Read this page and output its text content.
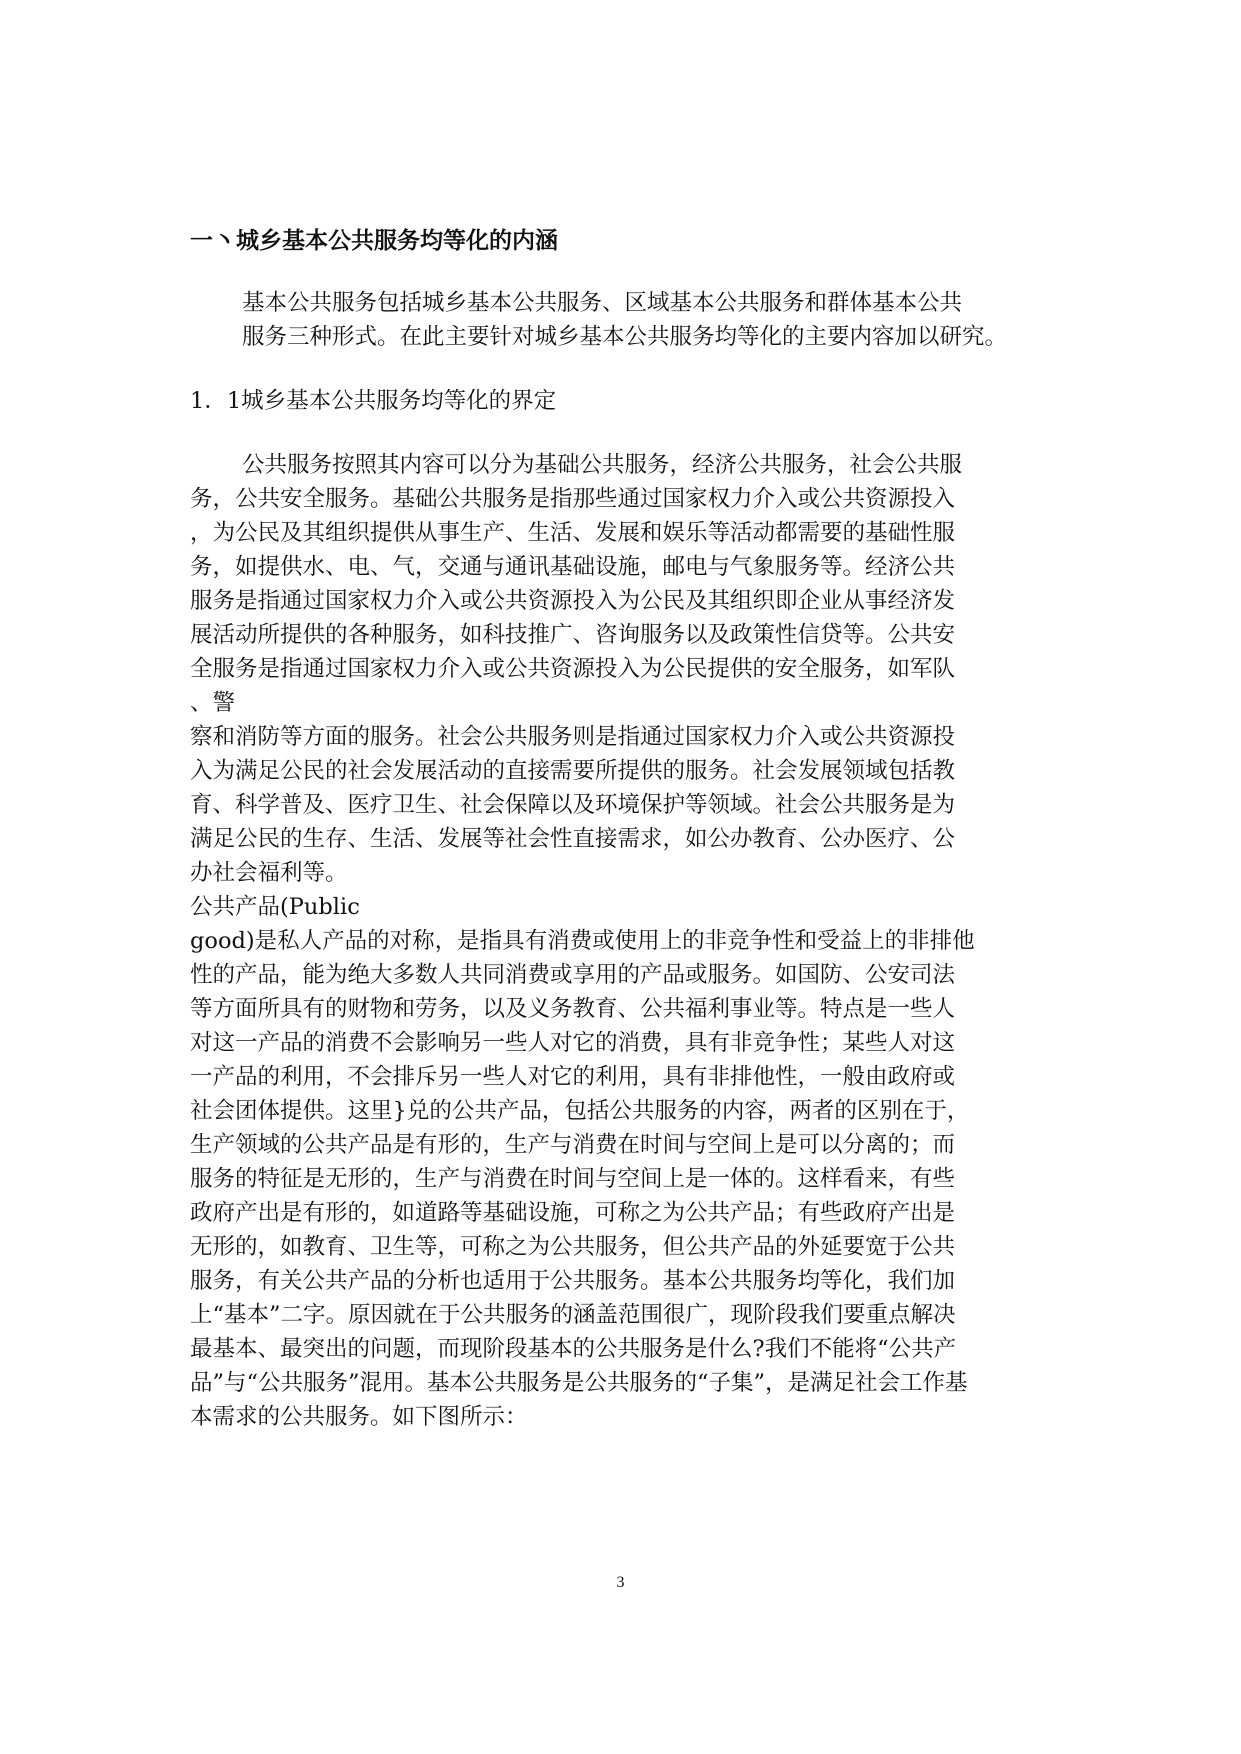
一丶城乡基本公共服务均等化的内涵

基本公共服务包括城乡基本公共服务、区域基本公共服务和群体基本公共
服务三种形式。在此主要针对城乡基本公共服务均等化的主要内容加以研究。

1．1城乡基本公共服务均等化的界定

公共服务按照其内容可以分为基础公共服务，经济公共服务，社会公共服
务，公共安全服务。基础公共服务是指那些通过国家权力介入或公共资源投入
，为公民及其组织提供从事生产、生活、发展和娱乐等活动都需要的基础性服
务，如提供水、电、气，交通与通讯基础设施，邮电与气象服务等。经济公共
服务是指通过国家权力介入或公共资源投入为公民及其组织即企业从事经济发
展活动所提供的各种服务，如科技推广、咨询服务以及政策性信贷等。公共安
全服务是指通过国家权力介入或公共资源投入为公民提供的安全服务，如军队
、警
察和消防等方面的服务。社会公共服务则是指通过国家权力介入或公共资源投
入为满足公民的社会发展活动的直接需要所提供的服务。社会发展领域包括教
育、科学普及、医疗卫生、社会保障以及环境保护等领域。社会公共服务是为
满足公民的生存、生活、发展等社会性直接需求，如公办教育、公办医疗、公
办社会福利等。

公共产品(Public
good)是私人产品的对称，是指具有消费或使用上的非竞争性和受益上的非排他
性的产品，能为绝大多数人共同消费或享用的产品或服务。如国防、公安司法
等方面所具有的财物和劳务，以及义务教育、公共福利事业等。特点是一些人
对这一产品的消费不会影响另一些人对它的消费，具有非竞争性；某些人对这
一产品的利用，不会排斥另一些人对它的利用，具有非排他性，一般由政府或
社会团体提供。这里}兑的公共产品，包括公共服务的内容，两者的区别在于，
生产领域的公共产品是有形的，生产与消费在时间与空间上是可以分离的；而
服务的特征是无形的，生产与消费在时间与空间上是一体的。这样看来，有些
政府产出是有形的，如道路等基础设施，可称之为公共产品；有些政府产出是
无形的，如教育、卫生等，可称之为公共服务，但公共产品的外延要宽于公共
服务，有关公共产品的分析也适用于公共服务。基本公共服务均等化，我们加
上“基本”二字。原因就在于公共服务的涵盖范围很广，现阶段我们要重点解决
最基本、最突出的问题，而现阶段基本的公共服务是什么?我们不能将“公共产
品”与“公共服务”混用。基本公共服务是公共服务的“子集”，是满足社会工作基
本需求的公共服务。如下图所示：

3
